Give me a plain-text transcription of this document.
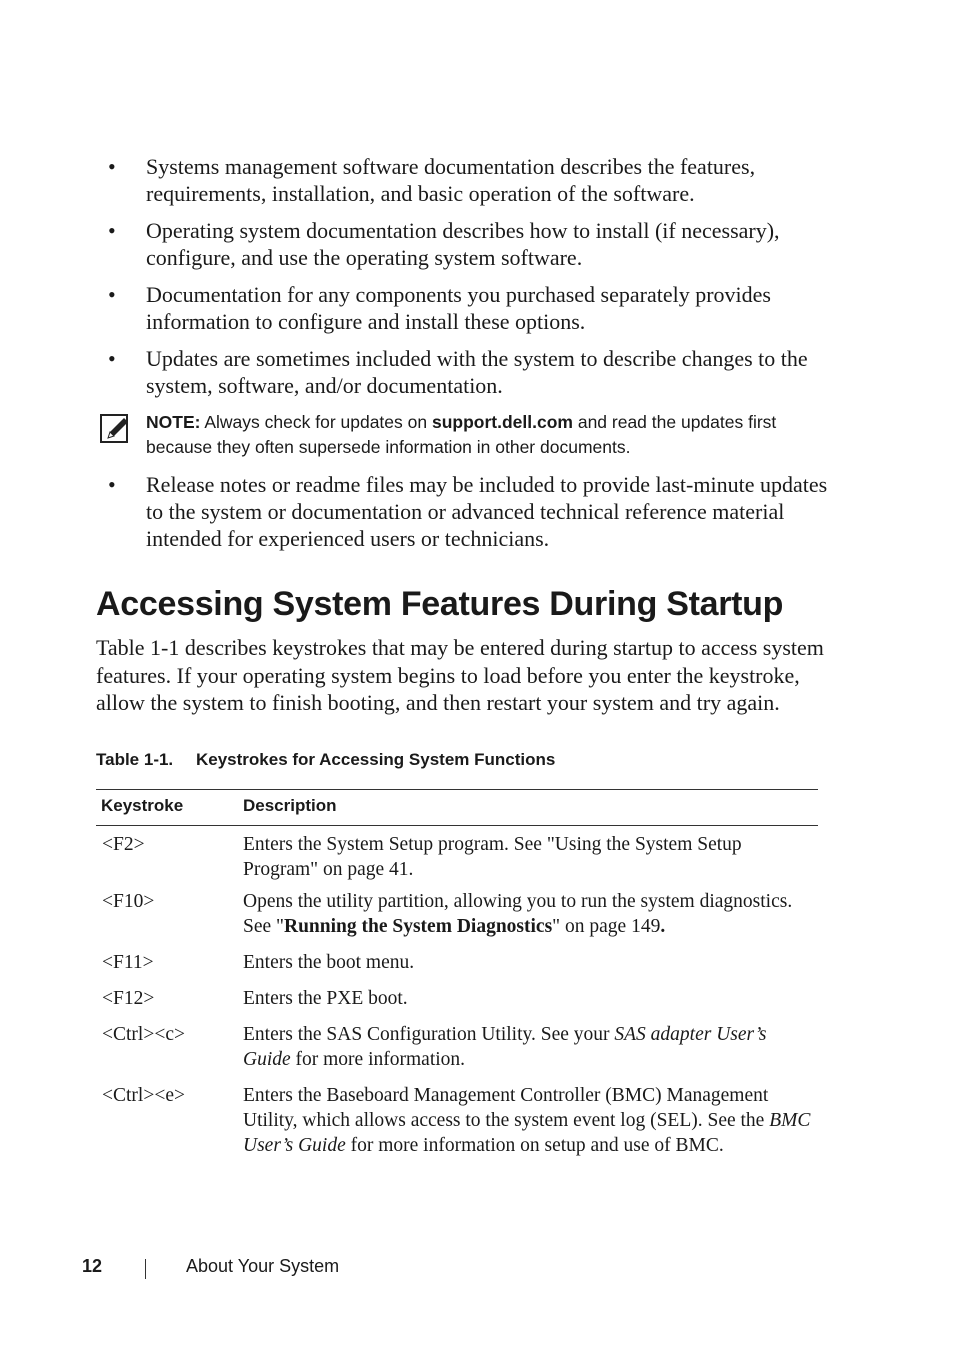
• Systems management software documentation describes the features, requirements, installation, and basic operation of the software.
• Operating system documentation describes how to install (if necessary), configure, and use the operating system software.
• Documentation for any components you purchased separately provides information to configure and install these options.
• Updates are sometimes included with the system to describe changes to the system, software, and/or documentation.
NOTE: Always check for updates on support.dell.com and read the updates first because they often supersede information in other documents.
• Release notes or readme files may be included to provide last-minute updates to the system or documentation or advanced technical reference material intended for experienced users or technicians.
Accessing System Features During Startup

Table 1-1 describes keystrokes that may be entered during startup to access system features. If your operating system begins to load before you enter the keystroke, allow the system to finish booting, and then restart your system and try again.

Table 1-1. Keystrokes for Accessing System Functions
Keystroke	Description
<F2>	Enters the System Setup program. See "Using the System Setup Program" on page 41.
<F10>	Opens the utility partition, allowing you to run the system diagnostics. See "Running the System Diagnostics" on page 149.
<F11>	Enters the boot menu.
<F12>	Enters the PXE boot.
<Ctrl><c>	Enters the SAS Configuration Utility. See your SAS adapter User’s Guide for more information.
<Ctrl><e>	Enters the Baseboard Management Controller (BMC) Management Utility, which allows access to the system event log (SEL). See the BMC User’s Guide for more information on setup and use of BMC.
12	About Your System
